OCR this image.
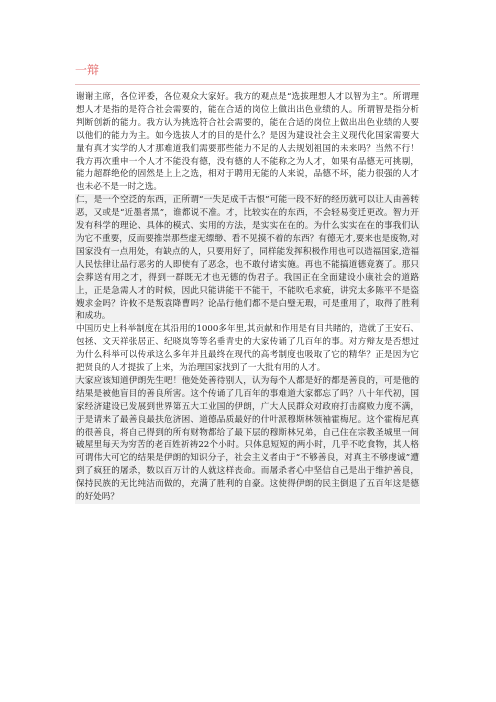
一辩

谢谢主席，各位评委，各位观众大家好。我方的观点是“选拔理想人才以智为主”。所谓理想人才是指的是符合社会需要的，能在合适的岗位上做出出色业绩的人。所谓智是指分析判断创新的能力。我方认为挑选符合社会需要的，能在合适的岗位上做出出色业绩的人要以他们的能力为主。如今选拔人才的目的是什么？是因为建设社会主义现代化国家需要大量有真才实学的人才那难道我们需要那些能力不足的人去规划祖国的未来吗？当然不行！我方再次重申一个人才不能没有德，没有德的人不能称之为人才，如果有品德无可挑剔，能力超群绝伦的固然是上上之选，相对于聘用无能的人来说，品德不坏，能力很强的人才也未必不是一时之选。

仁，是一个空泛的东西，正所谓“一失足成千古恨”可能一段不好的经历就可以让人由善转恶，又或是“近墨者黑”，谁都说不准。才，比较实在的东西，不会轻易变迁更改。智力开发有科学的理论、具体的模式、实用的方法，是实实在在的。为什么实实在在的事我们认为它不重要，反而要推崇那些虚无缥缈、看不见摸不着的东西？有德无才,要来也是废物,对国家没有一点用处，有缺点的人，只要用好了，同样能发挥积极作用也可以造福国家,造福人民怯律让品行恶劣的人即使有了恶念，也不敢付诸实施。再也不能搞道德竟赛了。那只会葬送有用之才，得到一群既无才也无德的伪君子。我国正在全面建设小康社会的道路上，正是急需人才的时候，因此只能讲能干不能干，不能吹毛求疵，讲究太多陈平不是盗嫂求金吗？许攸不是叛袁降曹吗？论品行他们都不是白璧无瑕，可是重用了，取得了胜利和成功。

中国历史上科举制度在其沿用的1000多年里,其贡献和作用是有目共睹的，造就了王安石、包拯、文天祥张居正、纪晓岚等等名垂青史的大家传诵了几百年的事。对方辩友是否想过为什么科举可以传承这么多年并且最终在现代的高考制度也吸取了它的精华？正是因为它把贤良的人才提拔了上来，为治理国家找到了一大批有用的人才。

大家应该知道伊朗先生吧！他处处善待别人，认为每个人都是好的都是善良的，可是他的结果是被他盲目的善良所害。这个传诵了几百年的事难道大家都忘了吗？八十年代初，国家经济建设已发展到世界第五大工业国的伊朗，广大人民群众对政府打击腐败力度不满，于是请来了最善良最扶危济困、道德品质最好的什叶派穆斯林领袖霍梅尼。这个霍梅尼真的很善良，将自己得到的所有财物都给了最下层的穆斯林兄弟，自己住在宗教圣城里一间破屋里每天为穷苦的老百姓祈祷22个小时。只体息短短的两小时，几乎不吃食物，其人格可谓伟大可它的结果是伊朗的知识分子，社会主义者由于“不够善良，对真主不够虔诚”遭到了疯狂的屠杀，数以百万计的人就这样丧命。而屠杀者心中坚信自己是出于维护善良，保持民族的无比纯洁而做的，充满了胜利的自豪。这使得伊朗的民主倒退了五百年这是德的好处吗？
